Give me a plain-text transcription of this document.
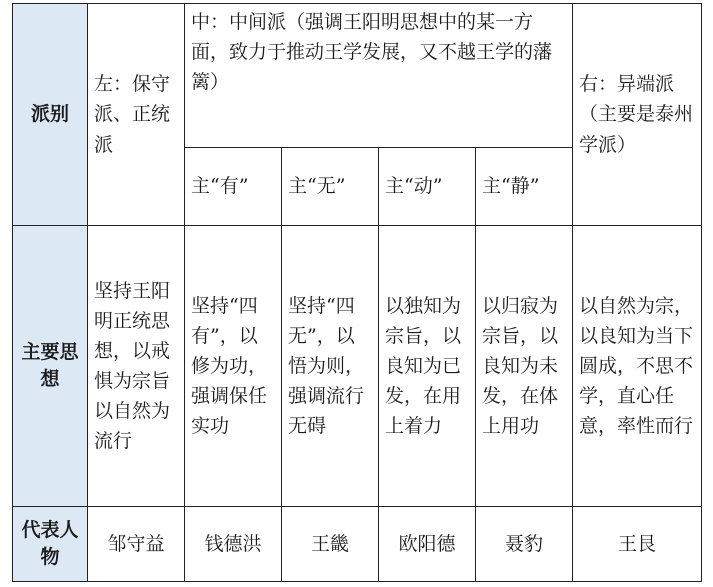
派别	左：保守派、正统派	中：中间派（强调王阳明思想中的某一方面，致力于推动王学发展，又不越王学的藩篱）				右：异端派（主要是泰州学派）
		主“有”	主“无”	主“动”	主“静”	
主要思想	坚持王阳明正统思想，以戒惧为宗旨以自然为流行	坚持“四有”，以修为功，强调保任实功	坚持“四无”，以悟为则，强调流行无碍	以独知为宗旨，以良知为已发，在用上着力	以归寂为宗旨，以良知为未发，在体上用功	以自然为宗，以良知为当下圆成，不思不学，直心任意，率性而行
代表人物	邹守益	钱德洪	王畿	欧阳德	聂豹	王艮
